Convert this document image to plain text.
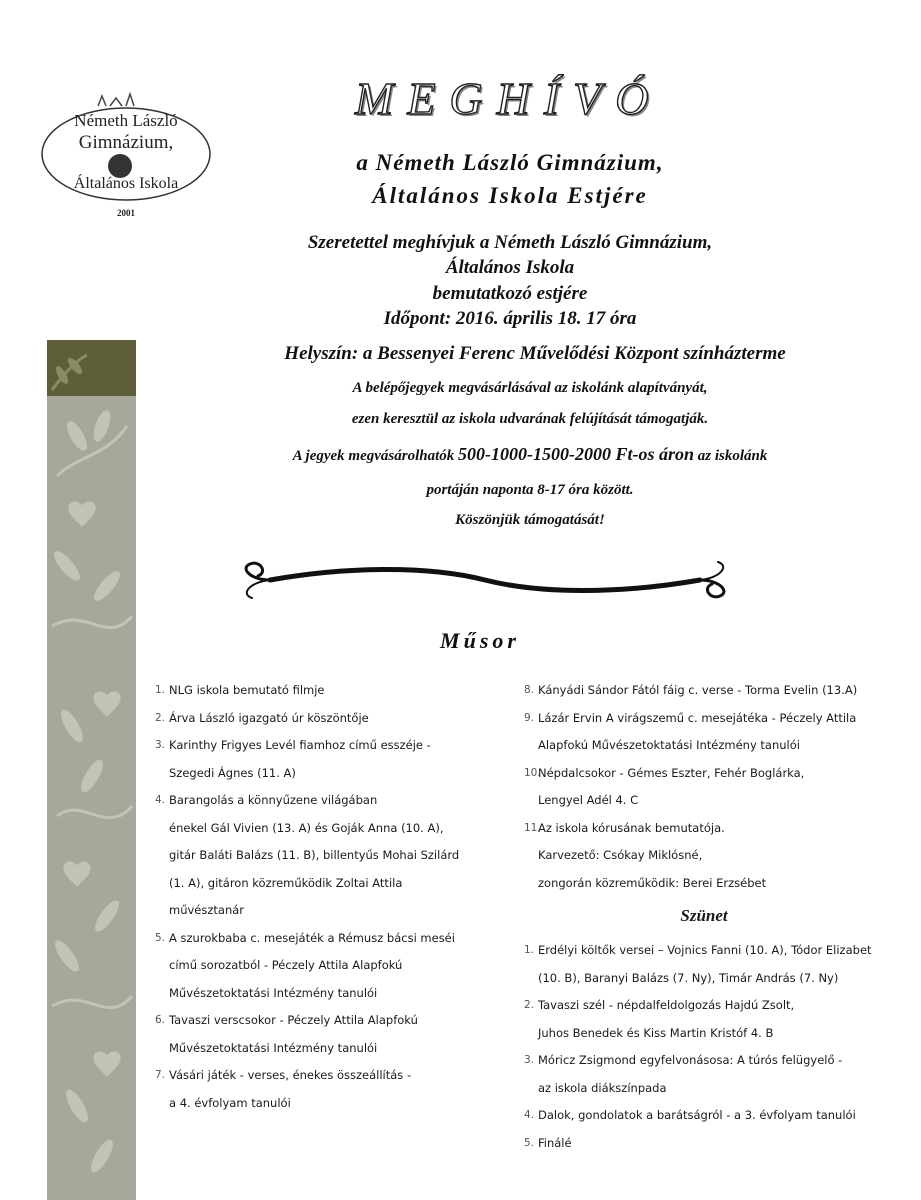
Németh László
Gimnázium,
Általános Iskola
2001
MEGHÍVÓ
a Németh László Gimnázium,
Általános Iskola Estjére
Szeretettel meghívjuk a Németh László Gimnázium,
Általános Iskola
bemutatkozó estjére
Időpont: 2016. április 18. 17 óra
Helyszín: a Bessenyei Ferenc Művelődési Központ színházterme
A belépőjegyek megvásárlásával az iskolánk alapítványát,
ezen keresztül az iskola udvarának felújítását támogatják.
A jegyek megvásárolhatók 500-1000-1500-2000 Ft-os áron az iskolánk
portáján naponta 8-17 óra között.
Köszönjük támogatását!
Műsor
1. NLG iskola bemutató filmje
2. Árva László igazgató úr köszöntője
3. Karinthy Frigyes Levél fiamhoz című esszéje -
Szegedi Ágnes (11. A)
4. Barangolás a könnyűzene világában
énekel Gál Vivien (13. A) és Goják Anna (10. A),
gitár Baláti Balázs (11. B), billentyűs Mohai Szilárd
(1. A), gitáron közreműködik Zoltai Attila
művésztanár
5. A szurokbaba c. mesejáték a Rémusz bácsi meséi
című sorozatból - Péczely Attila Alapfokú
Művészetoktatási Intézmény tanulói
6. Tavaszi verscsokor - Péczely Attila Alapfokú
Művészetoktatási Intézmény tanulói
7. Vásári játék - verses, énekes összeállítás -
a 4. évfolyam tanulói
8. Kányádi Sándor Fától fáig c. verse - Torma Evelin (13.A)
9. Lázár Ervin A virágszemű c. mesejátéka - Péczely Attila
Alapfokú Művészetoktatási Intézmény tanulói
10.
Népdalcsokor - Gémes Eszter, Fehér Boglárka,
Lengyel Adél 4. C
11.
Az iskola kórusának bemutatója.
Karvezető: Csókay Miklósné,
zongorán közreműködik: Berei Erzsébet
Szünet
1. Erdélyi költők versei – Vojnics Fanni (10. A), Tódor Elizabet
(10. B), Baranyi Balázs (7. Ny), Timár András (7. Ny)
2. Tavaszi szél - népdalfeldolgozás Hajdú Zsolt,
Juhos Benedek és Kiss Martin Kristóf 4. B
3. Móricz Zsigmond egyfelvonásosa: A túrós felügyelő -
az iskola diákszínpada
4. Dalok, gondolatok a barátságról - a 3. évfolyam tanulói
5. Finálé
